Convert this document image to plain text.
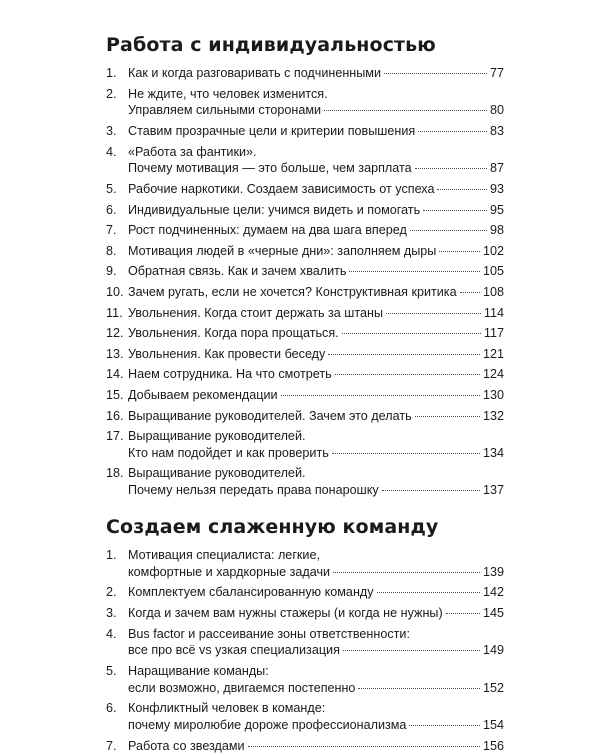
Работа с индивидуальностью
1. Как и когда разговаривать с подчиненными	77
2. Не ждите, что человек изменится.
Управляем сильными сторонами	80
3. Ставим прозрачные цели и критерии повышения	83
4. «Работа за фантики».
Почему мотивация — это больше, чем зарплата	87
5. Рабочие наркотики. Создаем зависимость от успеха	93
6. Индивидуальные цели: учимся видеть и помогать	95
7. Рост подчиненных: думаем на два шага вперед	98
8. Мотивация людей в «черные дни»: заполняем дыры	102
9. Обратная связь. Как и зачем хвалить	105
10. Зачем ругать, если не хочется? Конструктивная критика 108
11. Увольнения. Когда стоит держать за штаны	114
12. Увольнения. Когда пора прощаться.	117
13. Увольнения. Как провести беседу	121
14. Наем сотрудника. На что смотреть	124
15. Добываем рекомендации	130
16. Выращивание руководителей. Зачем это делать	132
17. Выращивание руководителей.
Кто нам подойдет и как проверить	134
18. Выращивание руководителей.
Почему нельзя передать права понарошку	137
Создаем слаженную команду
1. Мотивация специалиста: легкие,
комфортные и хардкорные задачи	139
2. Комплектуем сбалансированную команду	142
3. Когда и зачем вам нужны стажеры (и когда не нужны)	145
4. Bus factor и рассеивание зоны ответственности:
все про всё vs узкая специализация	149
5. Наращивание команды:
если возможно, двигаемся постепенно	152
6. Конфликтный человек в команде:
почему миролюбие дороже профессионализма	154
7. Работа со звездами	156
